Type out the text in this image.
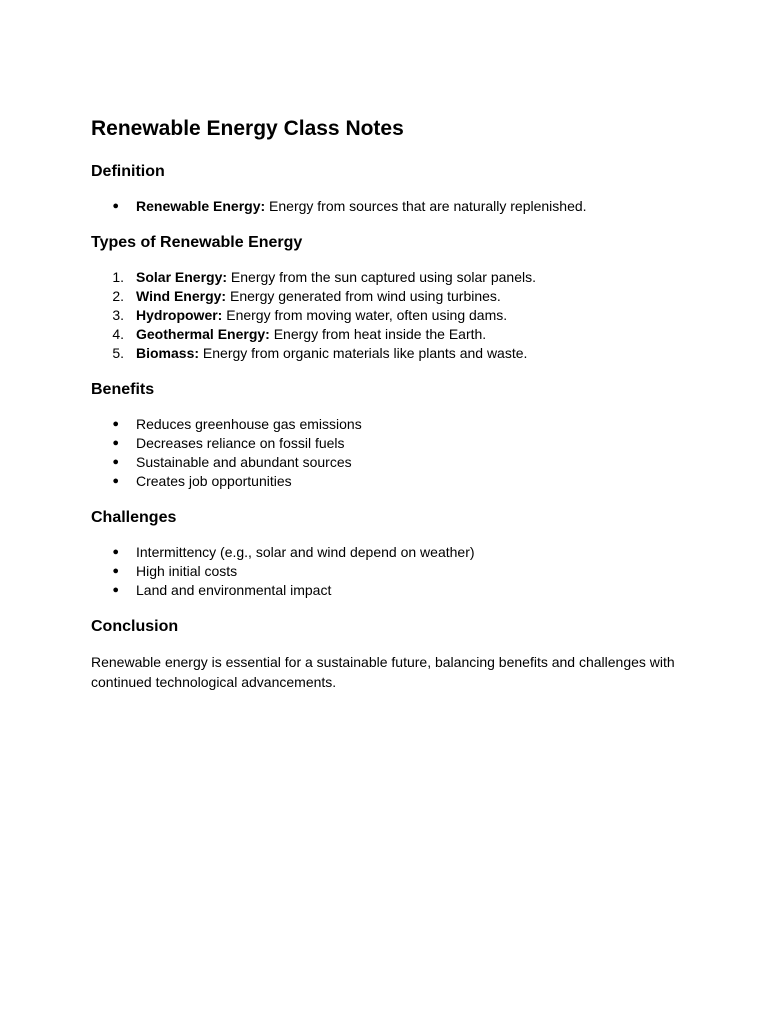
Renewable Energy Class Notes
Definition
● Renewable Energy: Energy from sources that are naturally replenished.
Types of Renewable Energy
1. Solar Energy: Energy from the sun captured using solar panels.
2. Wind Energy: Energy generated from wind using turbines.
3. Hydropower: Energy from moving water, often using dams.
4. Geothermal Energy: Energy from heat inside the Earth.
5. Biomass: Energy from organic materials like plants and waste.
Benefits
● Reduces greenhouse gas emissions
● Decreases reliance on fossil fuels
● Sustainable and abundant sources
● Creates job opportunities
Challenges
● Intermittency (e.g., solar and wind depend on weather)
● High initial costs
● Land and environmental impact
Conclusion

Renewable energy is essential for a sustainable future, balancing benefits and challenges with continued technological advancements.
